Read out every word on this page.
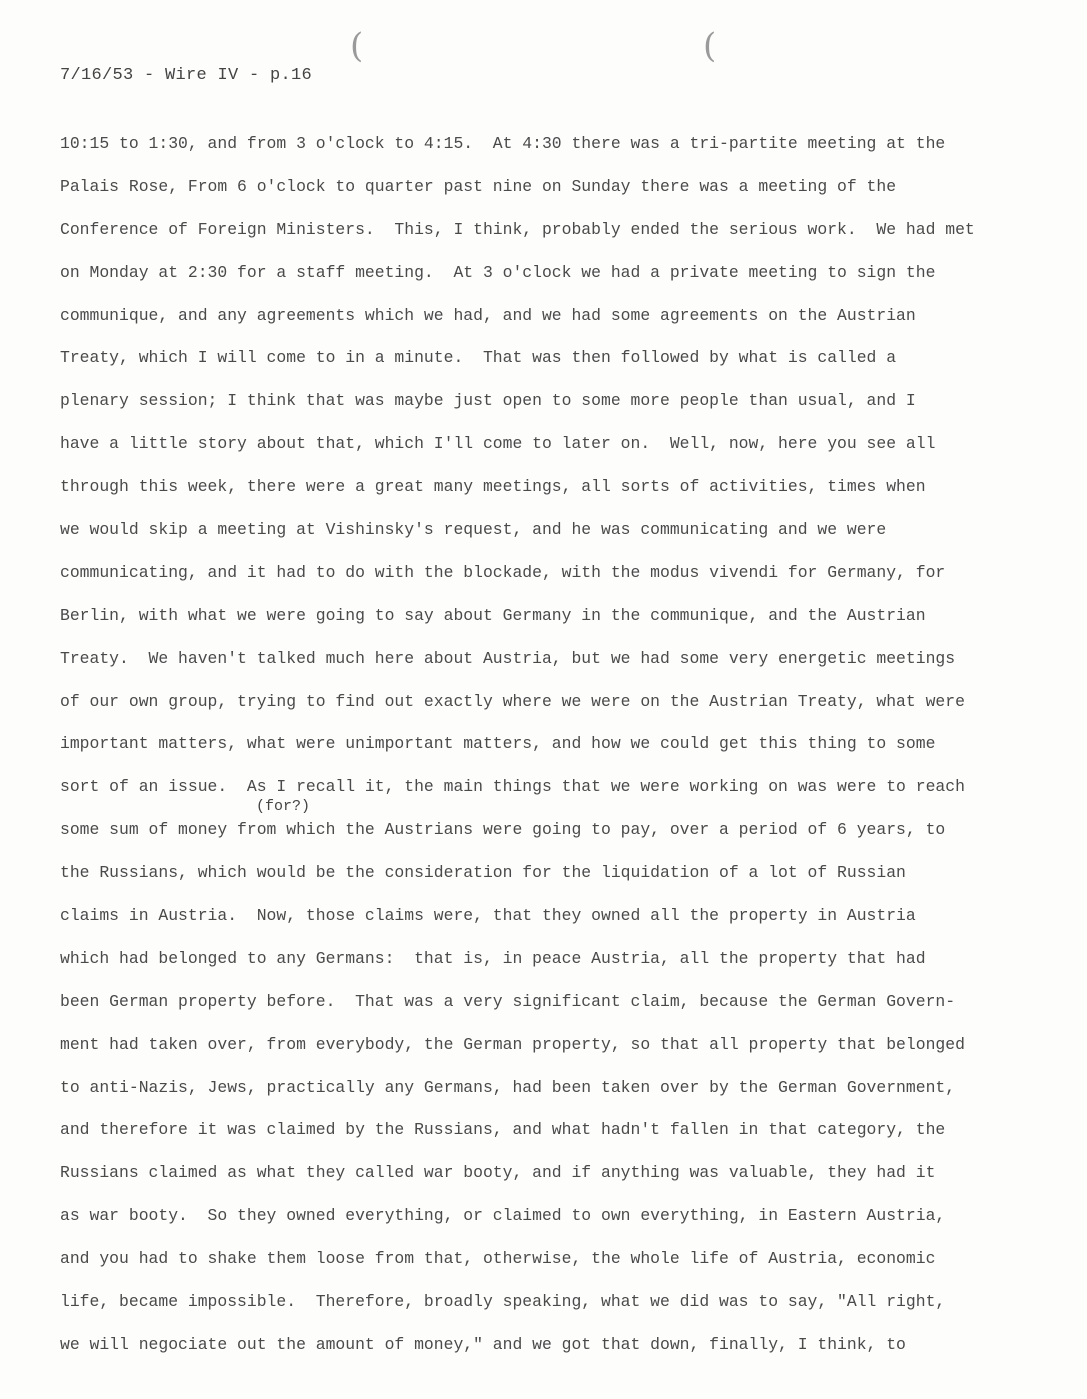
(	(
7/16/53 - Wire IV - p.16
(for?)
10:15 to 1:30, and from 3 o'clock to 4:15.  At 4:30 there was a tri-partite meeting at the
Palais Rose, From 6 o'clock to quarter past nine on Sunday there was a meeting of the
Conference of Foreign Ministers.  This, I think, probably ended the serious work.  We had met
on Monday at 2:30 for a staff meeting.  At 3 o'clock we had a private meeting to sign the
communique, and any agreements which we had, and we had some agreements on the Austrian
Treaty, which I will come to in a minute.  That was then followed by what is called a
plenary session; I think that was maybe just open to some more people than usual, and I
have a little story about that, which I'll come to later on.  Well, now, here you see all
through this week, there were a great many meetings, all sorts of activities, times when
we would skip a meeting at Vishinsky's request, and he was communicating and we were
communicating, and it had to do with the blockade, with the modus vivendi for Germany, for
Berlin, with what we were going to say about Germany in the communique, and the Austrian
Treaty.  We haven't talked much here about Austria, but we had some very energetic meetings
of our own group, trying to find out exactly where we were on the Austrian Treaty, what were
important matters, what were unimportant matters, and how we could get this thing to some
sort of an issue.  As I recall it, the main things that we were working on was were to reach
some sum of money from which the Austrians were going to pay, over a period of 6 years, to
the Russians, which would be the consideration for the liquidation of a lot of Russian
claims in Austria.  Now, those claims were, that they owned all the property in Austria
which had belonged to any Germans:  that is, in peace Austria, all the property that had
been German property before.  That was a very significant claim, because the German Govern-
ment had taken over, from everybody, the German property, so that all property that belonged
to anti-Nazis, Jews, practically any Germans, had been taken over by the German Government,
and therefore it was claimed by the Russians, and what hadn't fallen in that category, the
Russians claimed as what they called war booty, and if anything was valuable, they had it
as war booty.  So they owned everything, or claimed to own everything, in Eastern Austria,
and you had to shake them loose from that, otherwise, the whole life of Austria, economic
life, became impossible.  Therefore, broadly speaking, what we did was to say, "All right,
we will negociate out the amount of money," and we got that down, finally, I think, to
